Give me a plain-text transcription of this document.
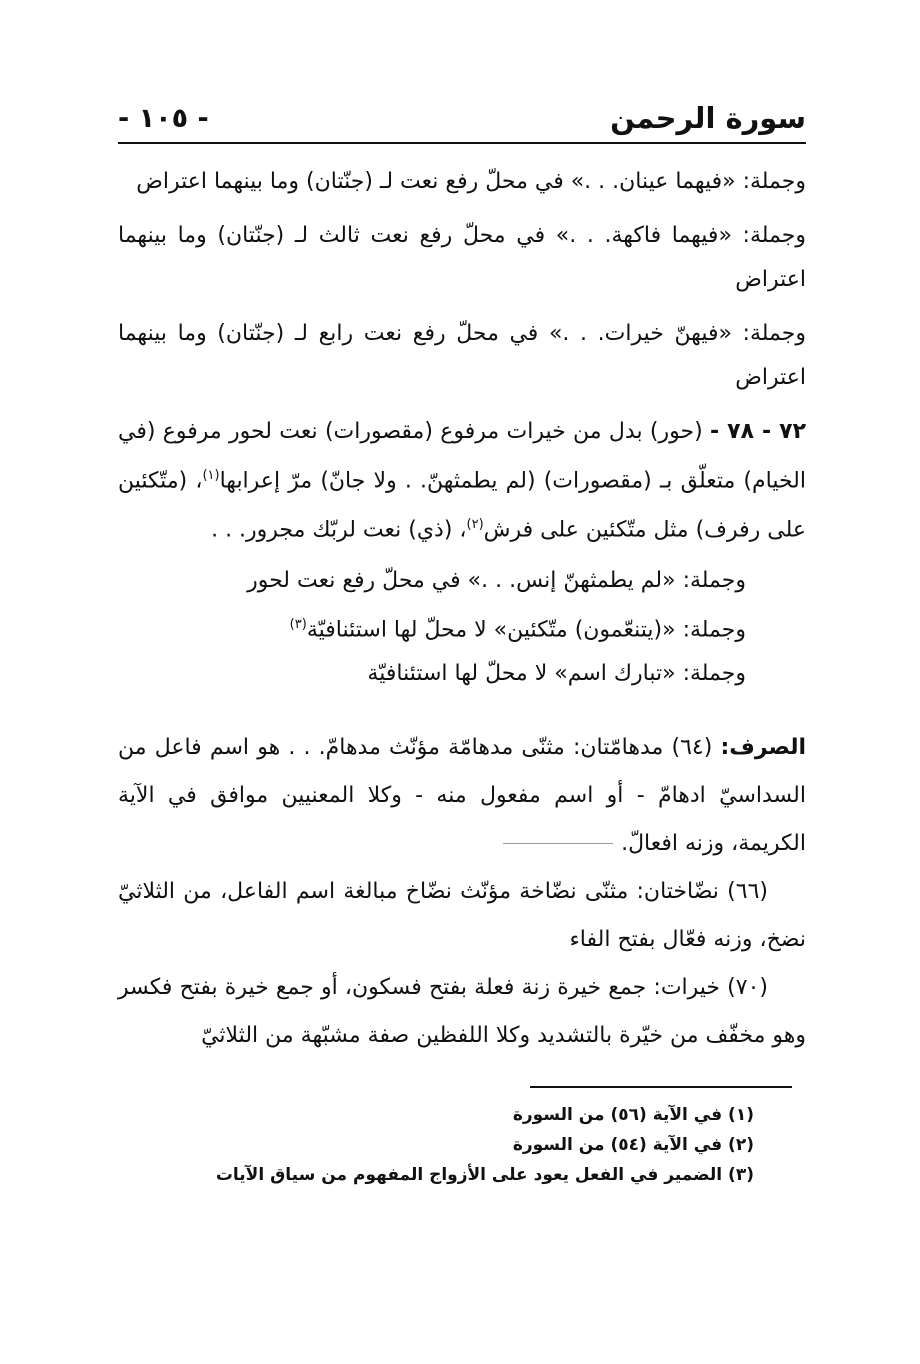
سورة الرحمن
- ١٠٥ -

وجملة: «فيهما عينان. . .» في محلّ رفع نعت لـ (جنّتان) وما بينهما اعتراض

وجملة: «فيهما فاكهة. . .» في محلّ رفع نعت ثالث لـ (جنّتان) وما بينهما اعتراض

وجملة: «فيهنّ خيرات. . .» في محلّ رفع نعت رابع لـ (جنّتان) وما بينهما اعتراض

٧٢ - ٧٨ - (حور) بدل من خيرات مرفوع (مقصورات) نعت لحور مرفوع (في الخيام) متعلّق بـ (مقصورات) (لم يطمثهنّ. . ولا جانّ) مرّ إعرابها$^{(١)}$، (متّكئين على رفرف) مثل متّكئين على فرش$^{(٢)}$، (ذي) نعت لربّك مجرور. . .

وجملة: «لم يطمثهنّ إنس. . .» في محلّ رفع نعت لحور

وجملة: «(يتنعّمون) متّكئين» لا محلّ لها استئنافيّة$^{(٣)}$

وجملة: «تبارك اسم» لا محلّ لها استئنافيّة

الصرف: (٦٤) مدهامّتان: مثنّى مدهامّة مؤنّث مدهامّ. . . هو اسم فاعل من السداسيّ ادهامّ - أو اسم مفعول منه - وكلا المعنيين موافق في الآية الكريمة، وزنه افعالّ.

(٦٦) نضّاختان: مثنّى نضّاخة مؤنّث نضّاخ مبالغة اسم الفاعل، من الثلاثيّ نضخ، وزنه فعّال بفتح الفاء

(٧٠) خيرات: جمع خيرة زنة فعلة بفتح فسكون، أو جمع خيرة بفتح فكسر وهو مخفّف من خيّرة بالتشديد وكلا اللفظين صفة مشبّهة من الثلاثيّ

(١) في الآية (٥٦) من السورة
(٢) في الآية (٥٤) من السورة
(٣) الضمير في الفعل يعود على الأزواج المفهوم من سياق الآيات
